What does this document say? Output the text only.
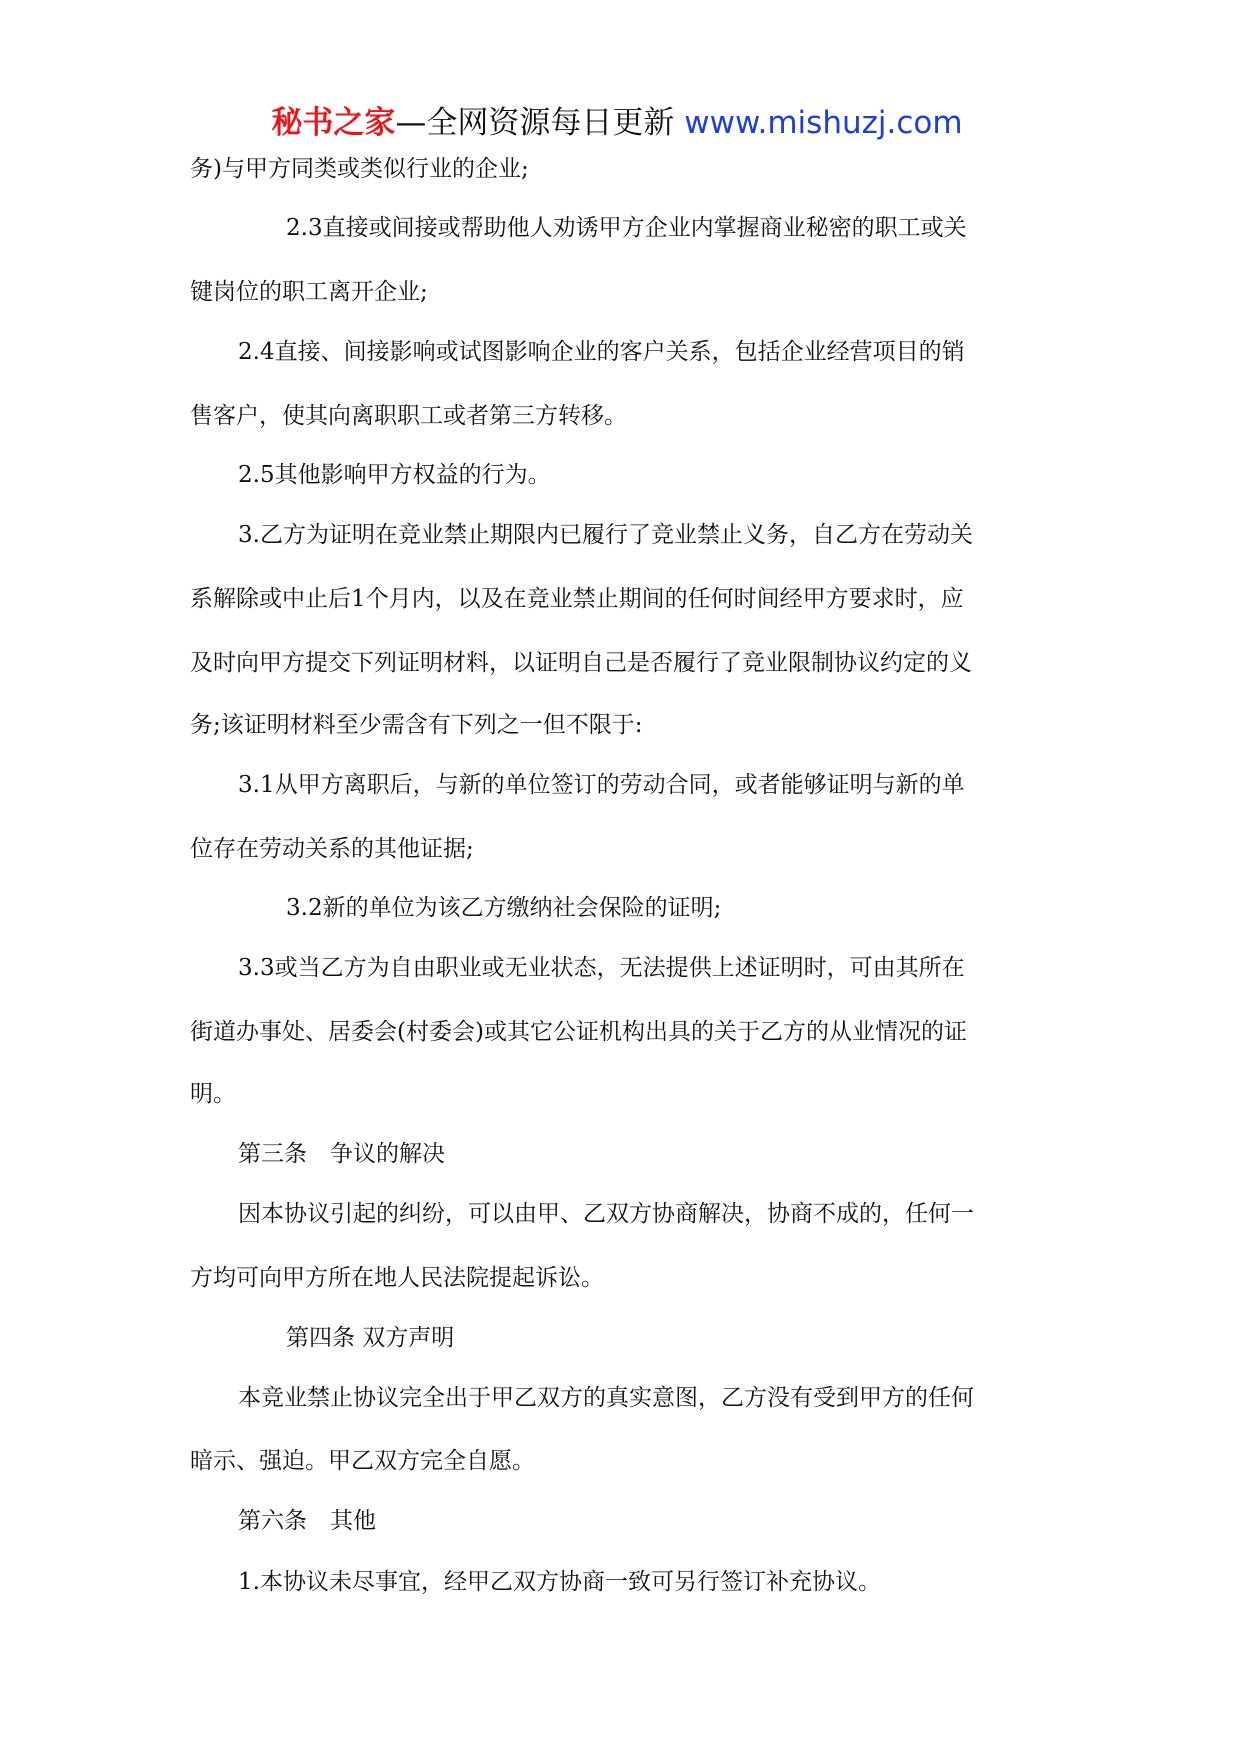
秘书之家—全网资源每日更新 www.mishuzj.com
务)与甲方同类或类似行业的企业;
2.3直接或间接或帮助他人劝诱甲方企业内掌握商业秘密的职工或关
键岗位的职工离开企业;
2.4直接、间接影响或试图影响企业的客户关系，包括企业经营项目的销
售客户，使其向离职职工或者第三方转移。
2.5其他影响甲方权益的行为。
3.乙方为证明在竞业禁止期限内已履行了竞业禁止义务，自乙方在劳动关
系解除或中止后1个月内，以及在竞业禁止期间的任何时间经甲方要求时，应
及时向甲方提交下列证明材料，以证明自己是否履行了竞业限制协议约定的义
务;该证明材料至少需含有下列之一但不限于:
3.1从甲方离职后，与新的单位签订的劳动合同，或者能够证明与新的单
位存在劳动关系的其他证据;
3.2新的单位为该乙方缴纳社会保险的证明;
3.3或当乙方为自由职业或无业状态，无法提供上述证明时，可由其所在
街道办事处、居委会(村委会)或其它公证机构出具的关于乙方的从业情况的证
明。
第三条　争议的解决
因本协议引起的纠纷，可以由甲、乙双方协商解决，协商不成的，任何一
方均可向甲方所在地人民法院提起诉讼。
第四条 双方声明
本竞业禁止协议完全出于甲乙双方的真实意图，乙方没有受到甲方的任何
暗示、强迫。甲乙双方完全自愿。
第六条　其他
1.本协议未尽事宜，经甲乙双方协商一致可另行签订补充协议。
